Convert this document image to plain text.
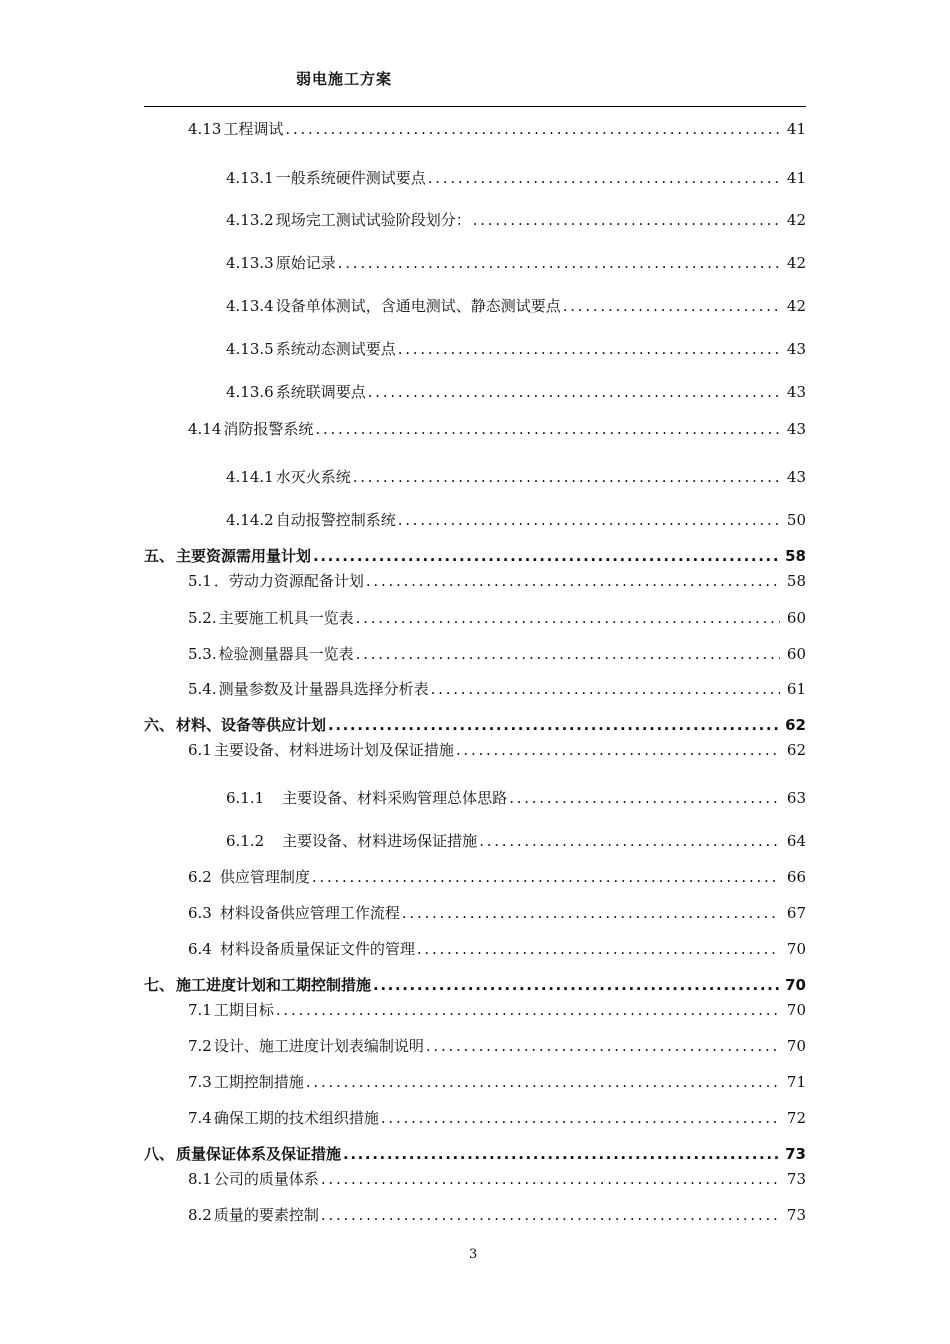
弱电施工方案
4.13 工程调试 . . .	41
4.13.1 一般系统硬件测试要点 . . .	41
4.13.2 现场完工测试试验阶段划分： . . .	42
4.13.3 原始记录 . . .	42
4.13.4 设备单体测试，含通电测试、静态测试要点 . . .	42
4.13.5 系统动态测试要点 . . .	43
4.13.6 系统联调要点 . . .	43
4.14 消防报警系统 . . .	43
4.14.1 水灭火系统 . . .	43
4.14.2 自动报警控制系统 . . .	50
五、 主要资源需用量计划 .....	58
5.1 ．劳动力资源配备计划 . . .	58
5.2. 主要施工机具一览表 . . .	60
5.3. 检验测量器具一览表 . . .	60
5.4. 测量参数及计量器具选择分析表 . . .	61
六、 材料、设备等供应计划 .....	62
6.1 主要设备、材料进场计划及保证措施 . . .	62
6.1.1 主要设备、材料采购管理总体思路 . . .	63
6.1.2 主要设备、材料进场保证措施 . . .	64
6.2 供应管理制度 . . .	66
6.3 材料设备供应管理工作流程 . . .	67
6.4 材料设备质量保证文件的管理 . . .	70
七、 施工进度计划和工期控制措施 .....	70
7.1 工期目标 . . .	70
7.2 设计、施工进度计划表编制说明 . . .	70
7.3 工期控制措施 . . .	71
7.4 确保工期的技术组织措施 . . .	72
八、 质量保证体系及保证措施 .....	73
8.1 公司的质量体系 . . .	73
8.2 质量的要素控制 . . .	73
3
